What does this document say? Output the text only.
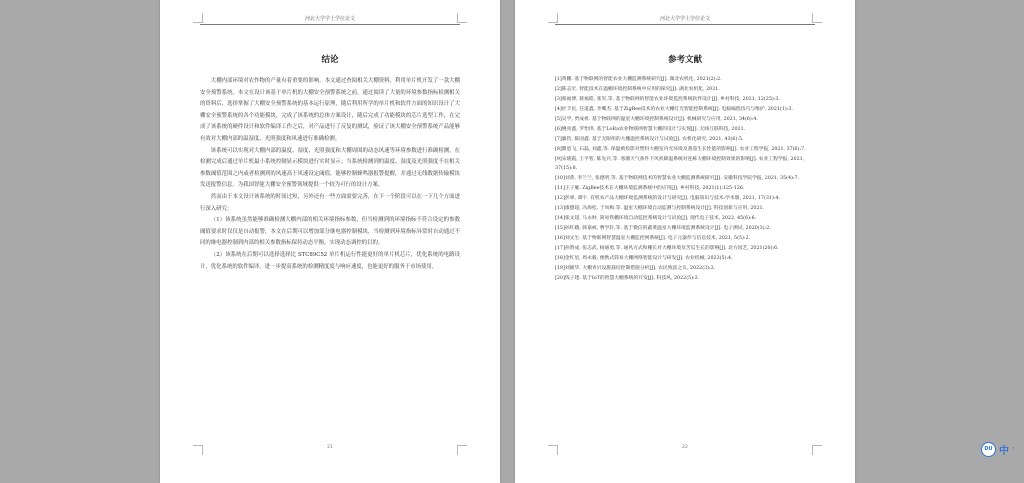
河北大学学士学位论文
结论

大棚内部环境对农作物的产量有着重要的影响，本文通过查阅相关大棚资料，利用单片机开发了一款大棚安全预警系统。本文在设计该基于单片机的大棚安全预警系统之前，通过阅读了大量的环境参数指标检测相关的资料后，选择掌握了大棚安全预警系统的基本运行原理，随后利用所学的单片机和软件方面的知识设计了大棚安全预警系统的各个功能模块，完成了该系统的总体方案设计，随后完成了功能模块的芯片选型工作，在完成了该系统的硬件设计和软件编译工作之后，对产品进行了反复的测试，验证了该大棚安全预警系统产品能够有效对大棚内部的温湿度、光照强度和风速进行准确检测。

该系统可以实现对大棚内部的温度、湿度、光照强度和大棚周围的动态风速等环境参数进行准确检测，在检测完成后通过单片机最小系统控制显示模块进行实时显示；当系统检测到的温度、湿度及光照强度不在相关参数阈值范围之内或者检测到的风速高于风速设定阈值，能够控制蜂鸣器报警提醒，并通过无线数据传输模块发送报警信息。为我国智能大棚安全预警领域提供一个较为可行的设计方案。

然而由于本文设计该系统的时间过短，另外还有一些方面需要完善，在下一个阶段可以在一下几个方面进行深入研究：

（1）该系统虽然能够准确检测大棚内部的相关环境指标参数，但当检测到的环境指标不符合设定的参数阈值要求时仅仅是自动报警，本文在后期可以增加部分继电器控制模块，当检测到环境指标异常时自动通过不同的继电器控制到内部的相关参数指标保持动态平衡，实现动态调控的目的。

（2）该系统在后期可以选择选择比 STC89C52 单片机运行性能更好的单片机芯片，优化系统的电路设计，优化系统的软件编译，进一步提高系统的检测精度度与响应速度，也能更好的服务于市场使用。

21
河北大学学士学位论文
参考文献
[1]黄鹏. 基于物联网的智能农业大棚监测系统研究[J]. 湖北农机化, 2021(2):2.
[2]陈志宏. 智能技术在温棚环境控制系统中应用的探究[J]. 湖北农机化, 2021.
[3]蔡福博, 蔡福皓, 张军,等. 基于物联网的智能农业环境监控系统软件设计[J]. 乡村科技, 2021, 12(25):3.
[4]杜丰民, 任道鑫, 李鹰杰. 基于ZigBee技术的农业大棚灯光智能控制系统[J]. 电脑编程技巧与维护, 2021(1):3.
[5]吴学, 贾成祖. 基于物联网的温室大棚环境控制系统设计[J]. 机械研究与应用, 2021, 34(6):4.
[6]姚亮鑫, 罗怡琪. 基于LoRa农业物联网智慧大棚的设计与实现[J]. 无线互联科技, 2021.
[7]廉钧, 陈国鑫. 基于无限组的大棚温控系统设计与试验[J]. 农机化研究, 2021, 43(6):5.
[8]瞿恩飞, 石磊, 刘鑫,等. 保温被投影对塑料大棚室内光环境及番茄生长性能的影响[J]. 农业工程学报, 2021, 37(6):7.
[9]宋晓霞, 王平智, 陈先兵,等. 寒潮天气条件下风机降温系统对连栋大棚环境控制效果的影响[J]. 农业工程学报, 2021, 37(15):8.
[10]刘菁, 李兰兰, 张德明,等. 基于物联网技术的智慧农业大棚监测系统研究[J]. 安徽科技学院学报, 2021, 35(4):7.
[11]王子雁. ZigBee技术在大棚环境监测系统中的应用[J]. 乡村科技, 2021(1):125-126.
[12]彭翠, 谭宇. 有机农产品大棚环境监测系统的设计与研究[J]. 电脑知识与技术:学术版, 2021, 17(31):4.
[13]康德超, 冯海松, 于凤梅,等. 温室大棚环境自动监测与控制系统设计[J]. 科技创新与应用, 2021.
[14]张文超, 马永财. 简易铁棚环境自动监控系统设计与试验[J]. 现代电子技术, 2022, 45(6):6.
[15]孙红娥, 韩嘉祯, 曹学轩,等. 基于微信的蔬菜温室大棚环境监测系统设计[J]. 电子测试, 2020(3):2.
[16]刘文生. 基于物联网智慧温室大棚监控网系统[J]. 电子元器件与信息技术, 2021, 5(5):2.
[17]孙赞成, 张志武, 杨通勇,等. 通风方式和栅长对大棚环境及苦瓜生长的影响[J]. 北方园艺, 2021(20):6.
[18]金红星, 周永毅. 便携式简易大棚网络智能设计与研发[J]. 农业机械, 2023(5):4.
[19]刘隆华. 大棚青贝设施栽培控制措施分析[J]. 农民致富之友, 2022(3):3.
[20]钱子建. 基于IoT的智慧大棚系统的开发[J]. 科技风, 2022(5):3.
22	DU 中 ·
